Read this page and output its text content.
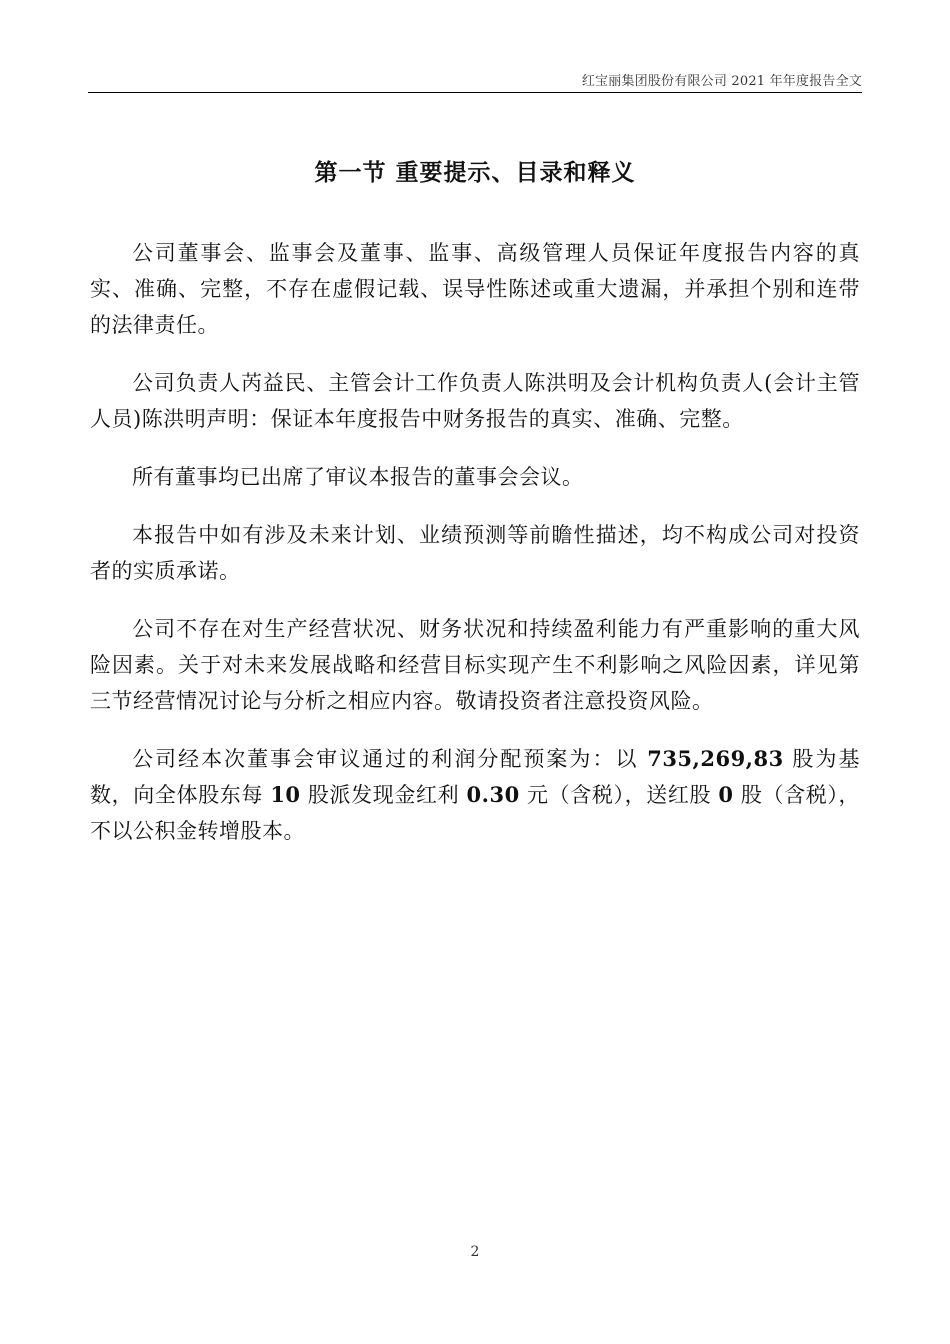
红宝丽集团股份有限公司 2021 年年度报告全文
第一节 重要提示、目录和释义

公司董事会、监事会及董事、监事、高级管理人员保证年度报告内容的真实、准确、完整，不存在虚假记载、误导性陈述或重大遗漏，并承担个别和连带的法律责任。

公司负责人芮益民、主管会计工作负责人陈洪明及会计机构负责人(会计主管人员)陈洪明声明：保证本年度报告中财务报告的真实、准确、完整。

所有董事均已出席了审议本报告的董事会会议。

本报告中如有涉及未来计划、业绩预测等前瞻性描述，均不构成公司对投资者的实质承诺。

公司不存在对生产经营状况、财务状况和持续盈利能力有严重影响的重大风险因素。关于对未来发展战略和经营目标实现产生不利影响之风险因素，详见第三节经营情况讨论与分析之相应内容。敬请投资者注意投资风险。

公司经本次董事会审议通过的利润分配预案为：以 735,269,83 股为基数，向全体股东每 10 股派发现金红利 0.30 元（含税），送红股 0 股（含税），不以公积金转增股本。

2
